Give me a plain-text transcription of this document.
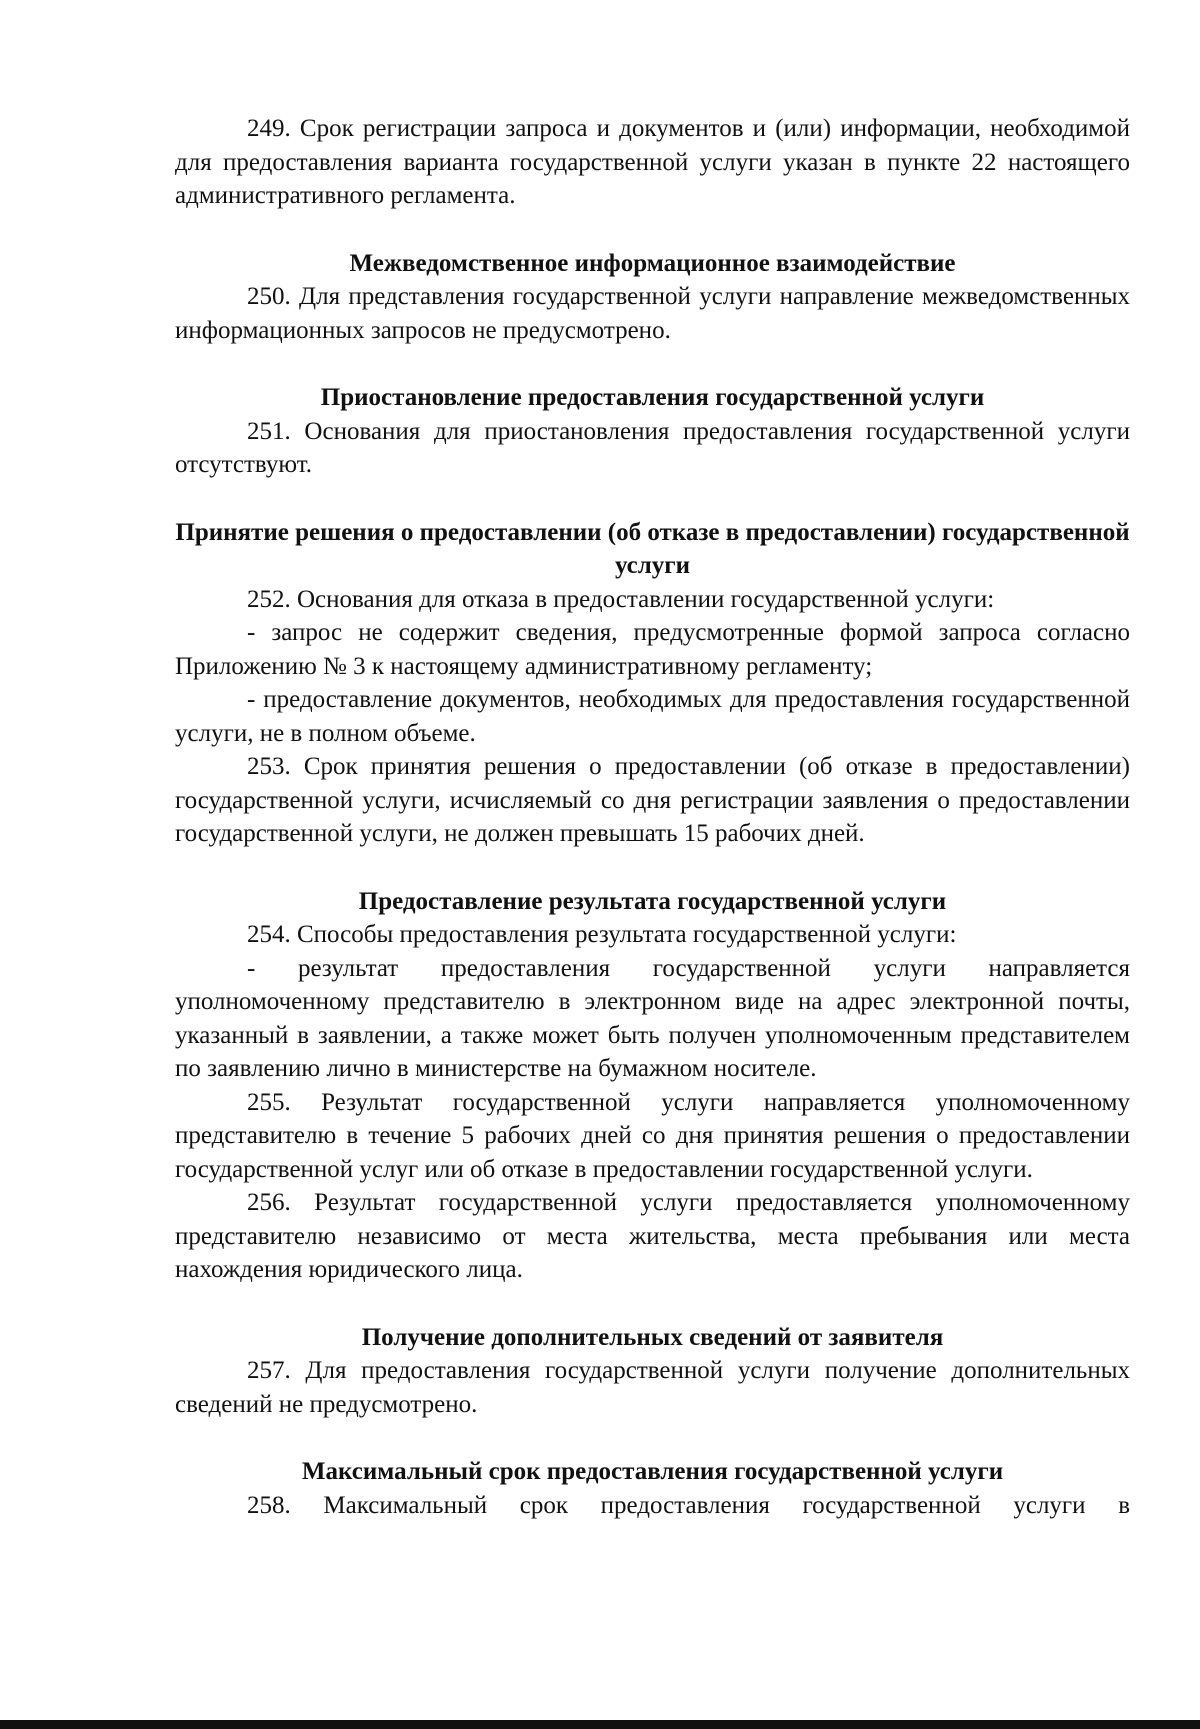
249. Срок регистрации запроса и документов и (или) информации, необходимой для предоставления варианта государственной услуги указан в пункте 22 настоящего административного регламента.

Межведомственное информационное взаимодействие

250. Для представления государственной услуги направление межведомственных информационных запросов не предусмотрено.

Приостановление предоставления государственной услуги

251. Основания для приостановления предоставления государственной услуги отсутствуют.

Принятие решения о предоставлении (об отказе в предоставлении) государственной услуги

252. Основания для отказа в предоставлении государственной услуги:

- запрос не содержит сведения, предусмотренные формой запроса согласно Приложению № 3 к настоящему административному регламенту;

- предоставление документов, необходимых для предоставления государственной услуги, не в полном объеме.

253. Срок принятия решения о предоставлении (об отказе в предоставлении) государственной услуги, исчисляемый со дня регистрации заявления о предоставлении государственной услуги, не должен превышать 15 рабочих дней.

Предоставление результата государственной услуги

254. Способы предоставления результата государственной услуги:

- результат предоставления государственной услуги направляется уполномоченному представителю в электронном виде на адрес электронной почты, указанный в заявлении, а также может быть получен уполномоченным представителем по заявлению лично в министерстве на бумажном носителе.

255. Результат государственной услуги направляется уполномоченному представителю в течение 5 рабочих дней со дня принятия решения о предоставлении государственной услуг или об отказе в предоставлении государственной услуги.

256. Результат государственной услуги предоставляется уполномоченному представителю независимо от места жительства, места пребывания или места нахождения юридического лица.

Получение дополнительных сведений от заявителя

257. Для предоставления государственной услуги получение дополнительных сведений не предусмотрено.

Максимальный срок предоставления государственной услуги

258. Максимальный срок предоставления государственной услуги в
